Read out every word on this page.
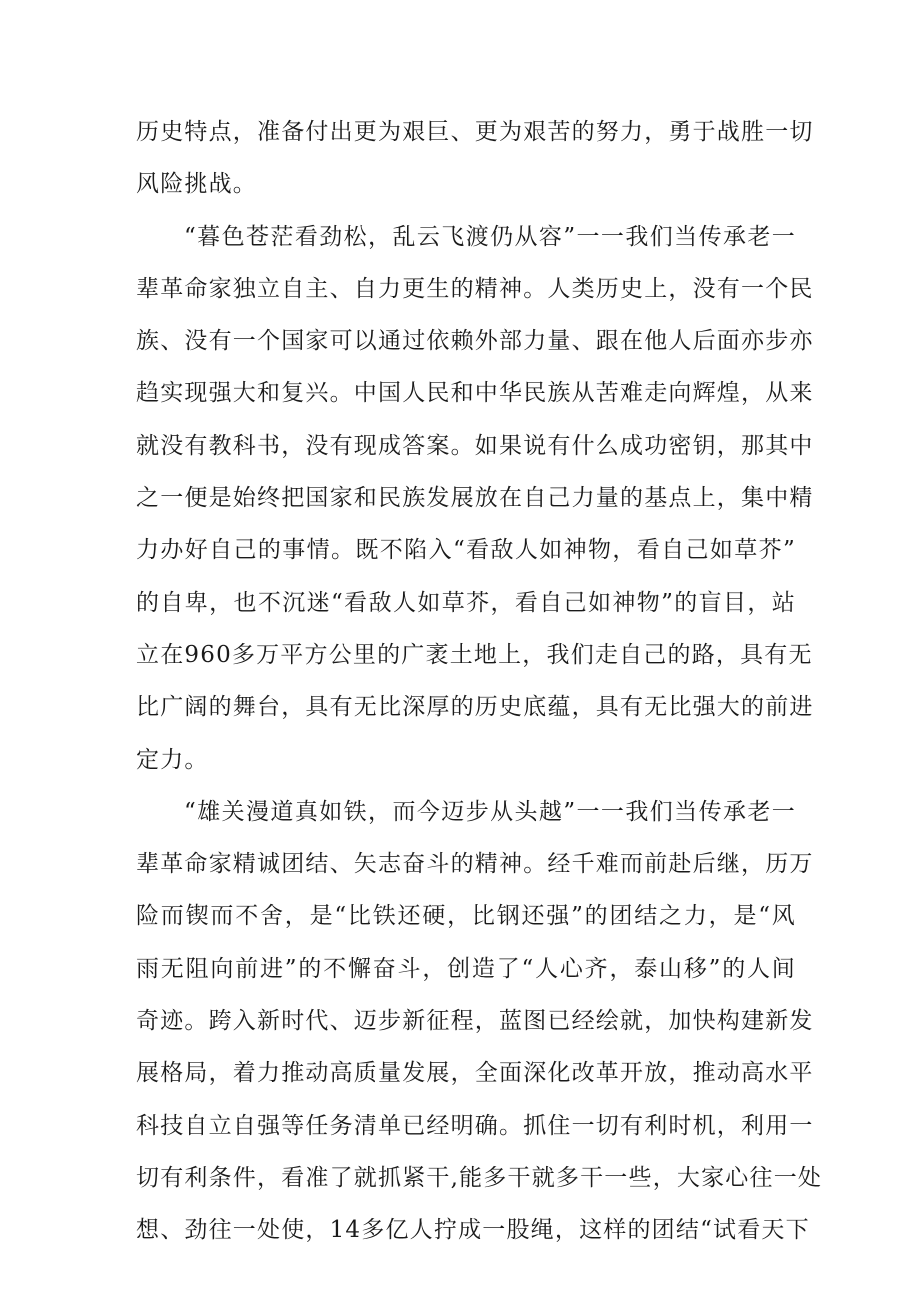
历史特点，准备付出更为艰巨、更为艰苦的努力，勇于战胜一切
风险挑战。
“暮色苍茫看劲松，乱云飞渡仍从容”一一我们当传承老一
辈革命家独立自主、自力更生的精神。人类历史上，没有一个民
族、没有一个国家可以通过依赖外部力量、跟在他人后面亦步亦
趋实现强大和复兴。中国人民和中华民族从苦难走向辉煌，从来
就没有教科书，没有现成答案。如果说有什么成功密钥，那其中
之一便是始终把国家和民族发展放在自己力量的基点上，集中精
力办好自己的事情。既不陷入“看敌人如神物，看自己如草芥”
的自卑，也不沉迷“看敌人如草芥，看自己如神物”的盲目，站
立在960多万平方公里的广袤土地上，我们走自己的路，具有无
比广阔的舞台，具有无比深厚的历史底蕴，具有无比强大的前进
定力。
“雄关漫道真如铁，而今迈步从头越”一一我们当传承老一
辈革命家精诚团结、矢志奋斗的精神。经千难而前赴后继，历万
险而锲而不舍，是“比铁还硬，比钢还强”的团结之力，是“风
雨无阻向前进”的不懈奋斗，创造了“人心齐，泰山移”的人间
奇迹。跨入新时代、迈步新征程，蓝图已经绘就，加快构建新发
展格局，着力推动高质量发展，全面深化改革开放，推动高水平
科技自立自强等任务清单已经明确。抓住一切有利时机，利用一
切有利条件，看准了就抓紧干,能多干就多干一些，大家心往一处
想、劲往一处使，14多亿人拧成一股绳，这样的团结“试看天下
